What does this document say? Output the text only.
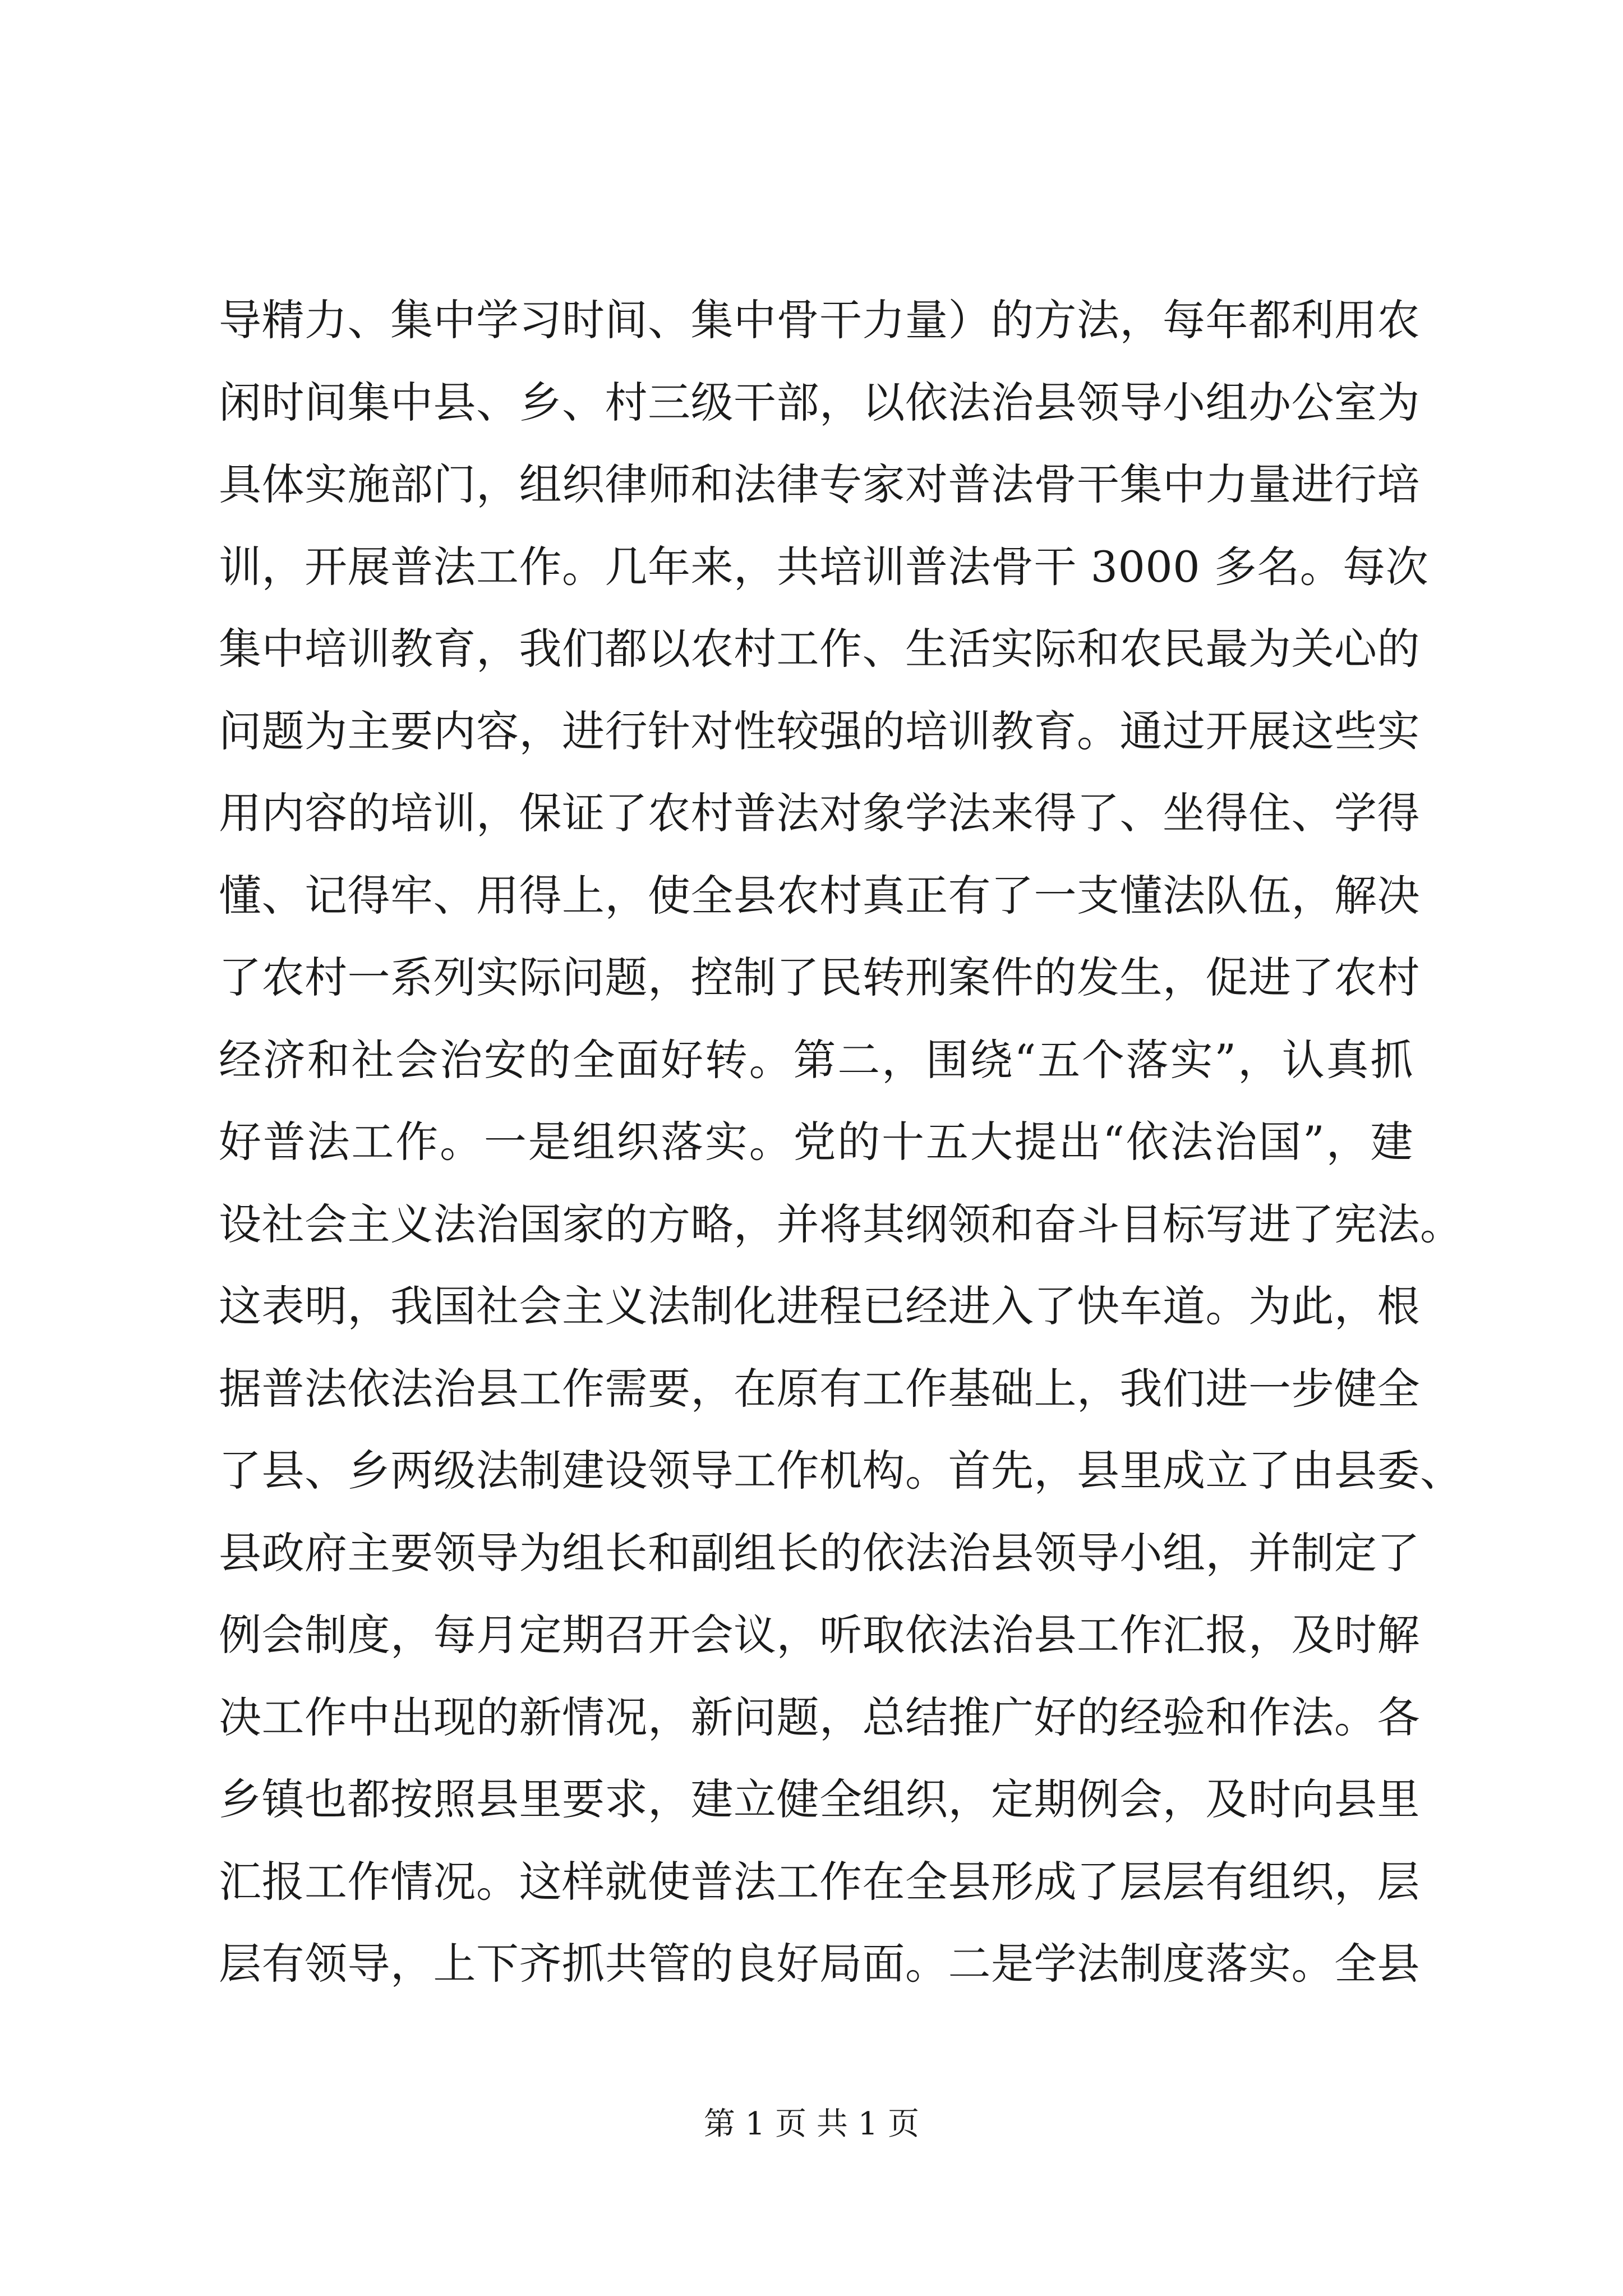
导精力、集中学习时间、集中骨干力量）的方法，每年都利用农
闲时间集中县、乡、村三级干部，以依法治县领导小组办公室为
具体实施部门，组织律师和法律专家对普法骨干集中力量进行培
训，开展普法工作。几年来，共培训普法骨干 3000 多名。每次
集中培训教育，我们都以农村工作、生活实际和农民最为关心的
问题为主要内容，进行针对性较强的培训教育。通过开展这些实
用内容的培训，保证了农村普法对象学法来得了、坐得住、学得
懂、记得牢、用得上，使全县农村真正有了一支懂法队伍，解决
了农村一系列实际问题，控制了民转刑案件的发生，促进了农村
经济和社会治安的全面好转。第二，围绕“五个落实”，认真抓
好普法工作。一是组织落实。党的十五大提出“依法治国”，建
设社会主义法治国家的方略，并将其纲领和奋斗目标写进了宪法。
这表明，我国社会主义法制化进程已经进入了快车道。为此，根
据普法依法治县工作需要，在原有工作基础上，我们进一步健全
了县、乡两级法制建设领导工作机构。首先，县里成立了由县委、
县政府主要领导为组长和副组长的依法治县领导小组，并制定了
例会制度，每月定期召开会议，听取依法治县工作汇报，及时解
决工作中出现的新情况，新问题，总结推广好的经验和作法。各
乡镇也都按照县里要求，建立健全组织，定期例会，及时向县里
汇报工作情况。这样就使普法工作在全县形成了层层有组织，层
层有领导，上下齐抓共管的良好局面。二是学法制度落实。全县
第 1 页 共 1 页
